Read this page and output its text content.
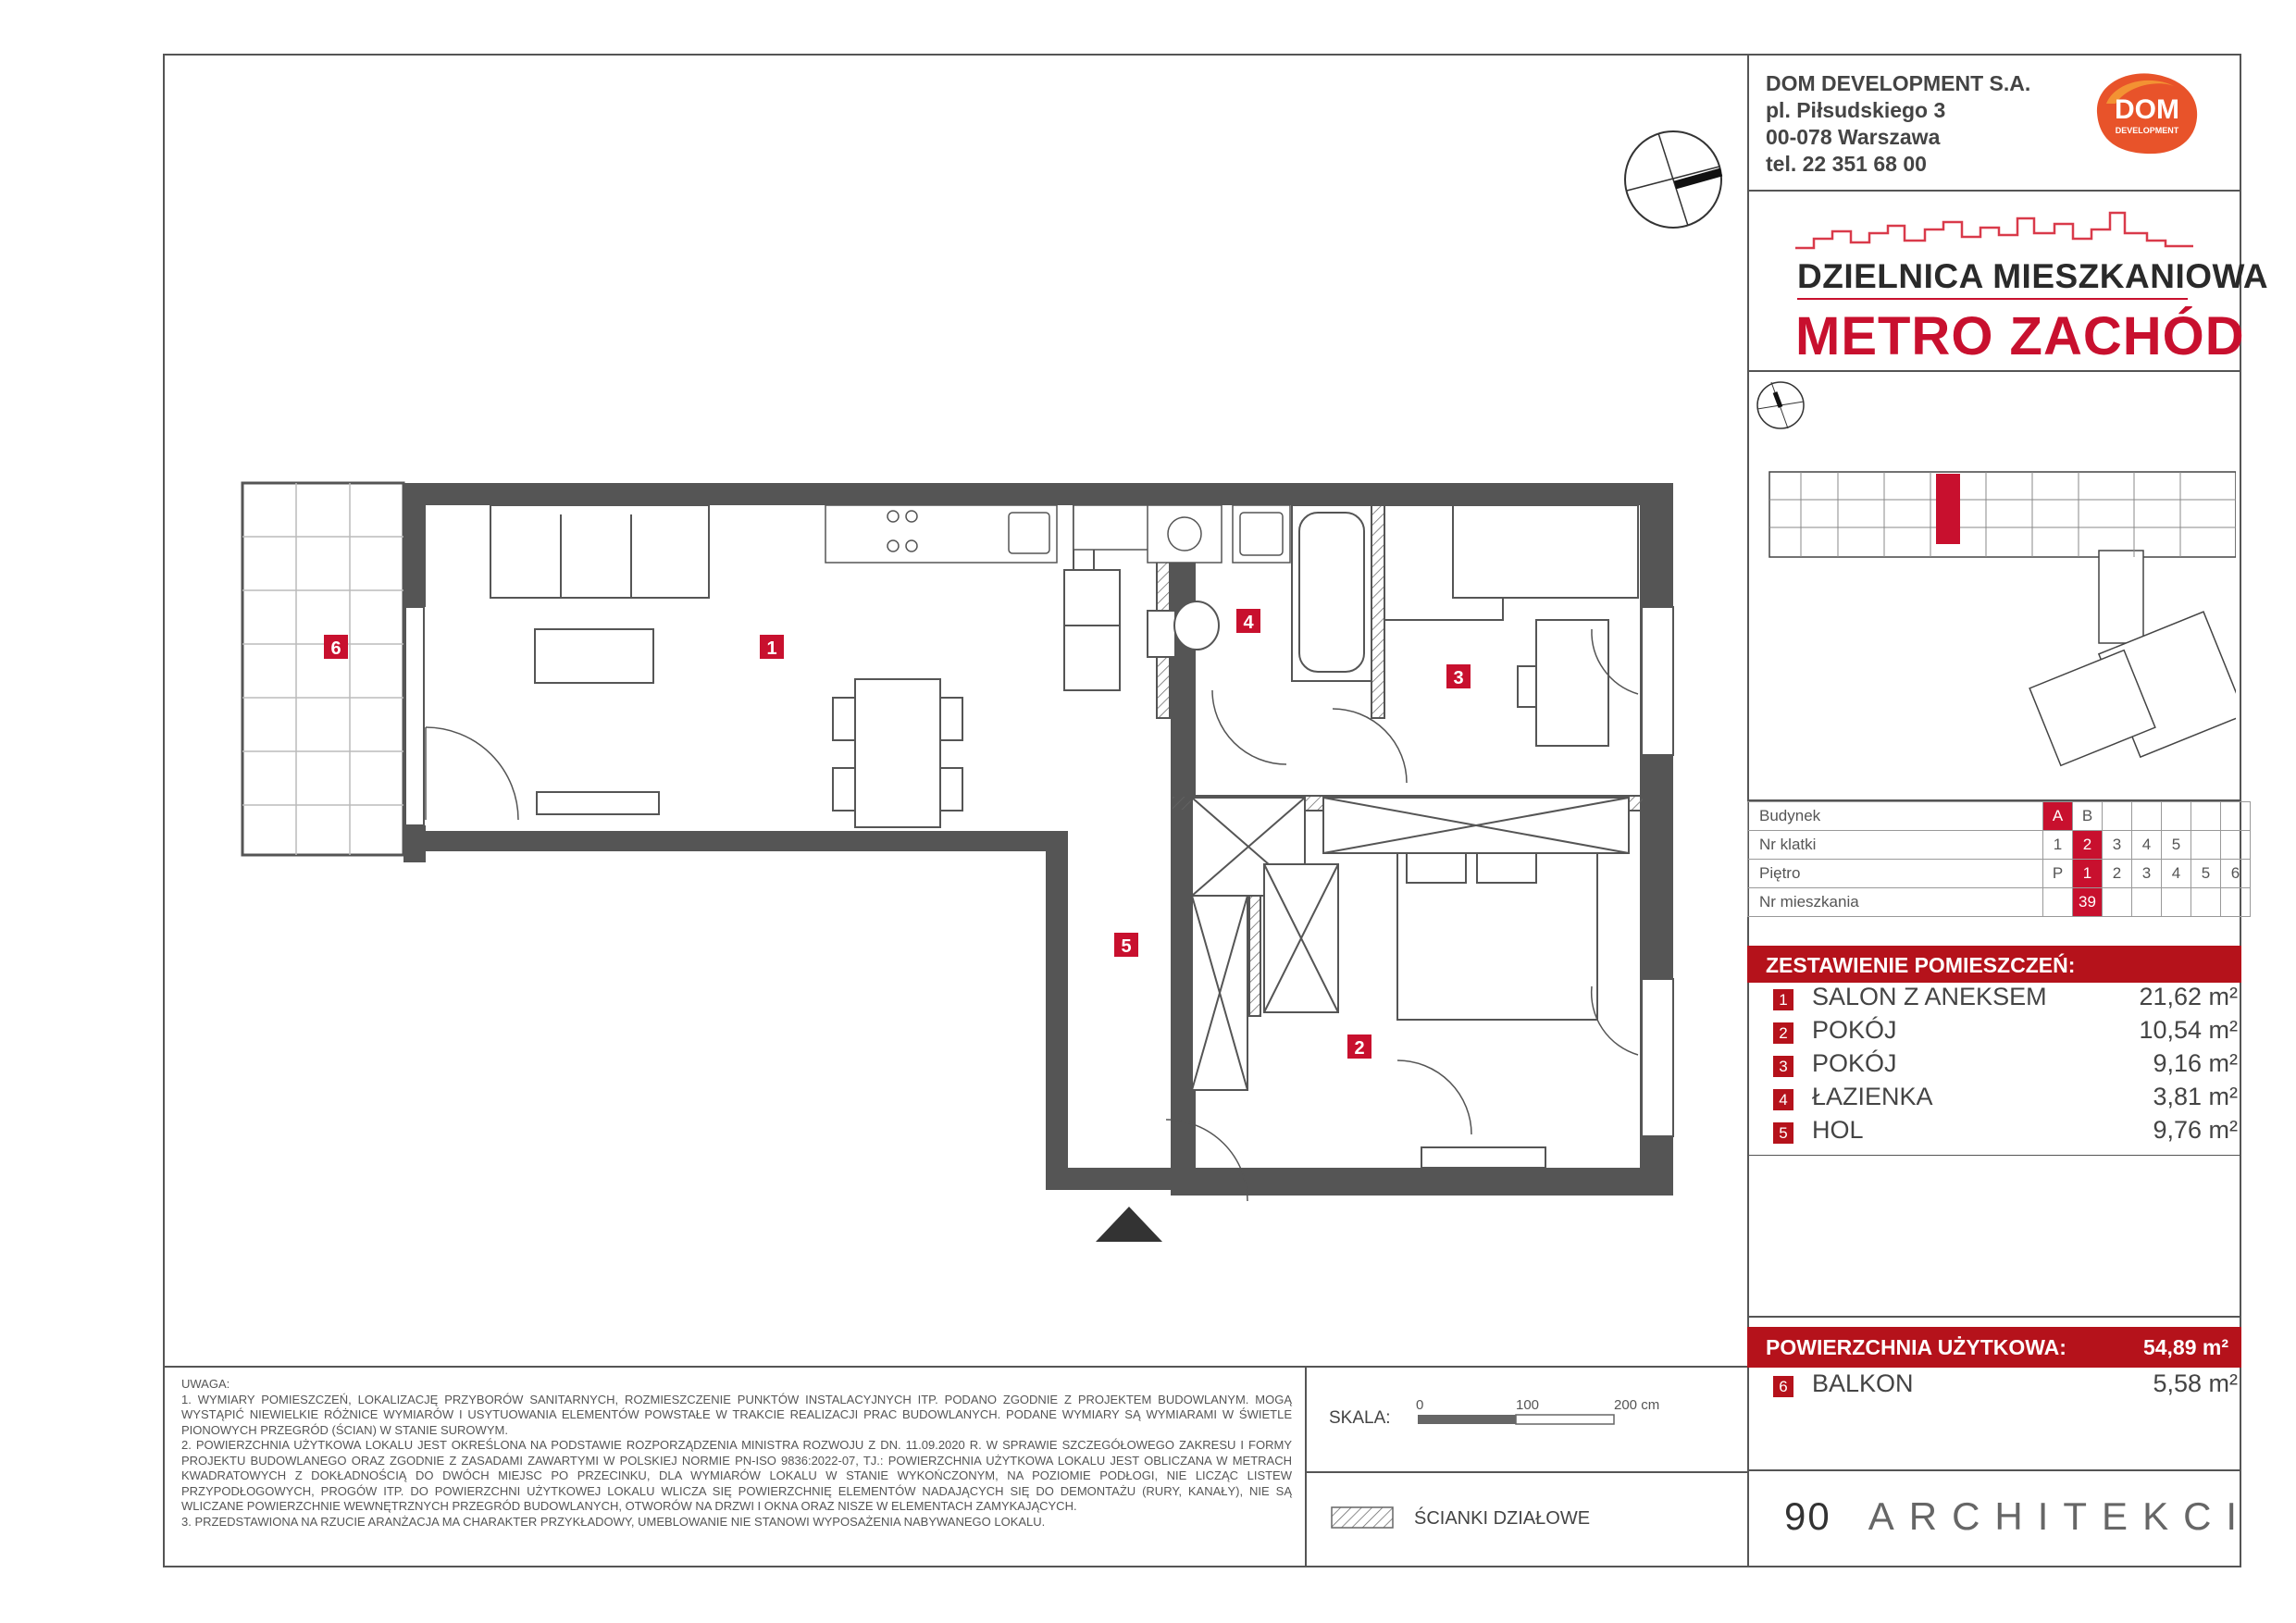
DOM DEVELOPMENT S.A.
pl. Piłsudskiego 3
00-078 Warszawa
tel. 22 351 68 00
DOM
DEVELOPMENT
DZIELNICA MIESZKANIOWA
METRO ZACHÓD
Budynek	A	B					
Nr klatki	1	2	3	4	5		
Piętro	P	1	2	3	4	5	6
Nr mieszkania		39					
ZESTAWIENIE POMIESZCZEŃ:
1 SALON Z ANEKSEM	21,62 m²
2 POKÓJ	10,54 m²
3 POKÓJ	9,16 m²
4 ŁAZIENKA	3,81 m²
5 HOL	9,76 m²
POWIERZCHNIA UŻYTKOWA:	54,89 m²
6 BALKON	5,58 m²
90 ARCHITEKCI
UWAGA:
1. WYMIARY POMIESZCZEŃ, LOKALIZACJĘ PRZYBORÓW SANITARNYCH, ROZMIESZCZENIE PUNKTÓW INSTALACYJNYCH ITP. PODANO ZGODNIE Z PROJEKTEM BUDOWLANYM. MOGĄ WYSTĄPIĆ NIEWIELKIE RÓŻNICE WYMIARÓW I USYTUOWANIA ELEMENTÓW POWSTAŁE W TRAKCIE REALIZACJI PRAC BUDOWLANYCH. PODANE WYMIARY SĄ WYMIARAMI W ŚWIETLE PIONOWYCH PRZEGRÓD (ŚCIAN) W STANIE SUROWYM.
2. POWIERZCHNIA UŻYTKOWA LOKALU JEST OKREŚLONA NA PODSTAWIE ROZPORZĄDZENIA MINISTRA ROZWOJU Z DN. 11.09.2020 R. W SPRAWIE SZCZEGÓŁOWEGO ZAKRESU I FORMY PROJEKTU BUDOWLANEGO ORAZ ZGODNIE Z ZASADAMI ZAWARTYMI W POLSKIEJ NORMIE PN-ISO 9836:2022-07, TJ.: POWIERZCHNIA UŻYTKOWA LOKALU JEST OBLICZANA W METRACH KWADRATOWYCH Z DOKŁADNOŚCIĄ DO DWÓCH MIEJSC PO PRZECINKU, DLA WYMIARÓW LOKALU W STANIE WYKOŃCZONYM, NA POZIOMIE PODŁOGI, NIE LICZĄC LISTEW PRZYPODŁOGOWYCH, PROGÓW ITP. DO POWIERZCHNI UŻYTKOWEJ LOKALU WLICZA SIĘ POWIERZCHNIĘ ELEMENTÓW NADAJĄCYCH SIĘ DO DEMONTAŻU (RURY, KANAŁY), NIE SĄ WLICZANE POWIERZCHNIE WEWNĘTRZNYCH PRZEGRÓD BUDOWLANYCH, OTWORÓW NA DRZWI I OKNA ORAZ NISZE W ELEMENTACH ZAMYKAJĄCYCH.
3. PRZEDSTAWIONA NA RZUCIE ARANŻACJA MA CHARAKTER PRZYKŁADOWY, UMEBLOWANIE NIE STANOWI WYPOSAŻENIA NABYWANEGO LOKALU.
SKALA:
0	100	200 cm
ŚCIANKI DZIAŁOWE
1
2
3
4
5
6
